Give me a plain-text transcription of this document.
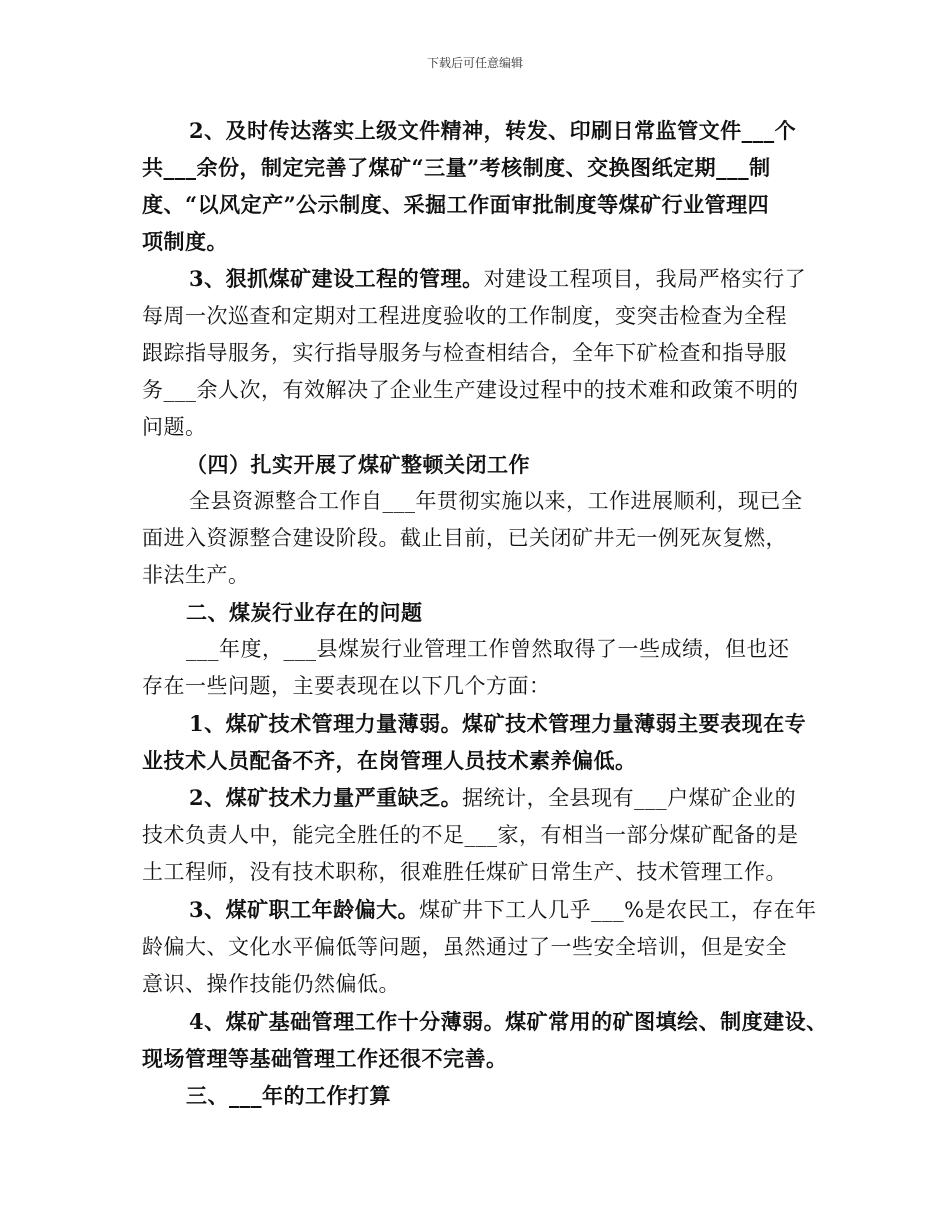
下载后可任意编辑
2、及时传达落实上级文件精神，转发、印刷日常监管文件___个
共___余份，制定完善了煤矿“三量”考核制度、交换图纸定期___制
度、“以风定产”公示制度、采掘工作面审批制度等煤矿行业管理四
项制度。
3、狠抓煤矿建设工程的管理。对建设工程项目，我局严格实行了
每周一次巡查和定期对工程进度验收的工作制度，变突击检查为全程
跟踪指导服务，实行指导服务与检查相结合，全年下矿检查和指导服
务___余人次，有效解决了企业生产建设过程中的技术难和政策不明的
问题。
（四）扎实开展了煤矿整顿关闭工作
全县资源整合工作自___年贯彻实施以来，工作进展顺利，现已全
面进入资源整合建设阶段。截止目前，已关闭矿井无一例死灰复燃，
非法生产。
二、煤炭行业存在的问题
___年度，___县煤炭行业管理工作曾然取得了一些成绩，但也还
存在一些问题，主要表现在以下几个方面：
1、煤矿技术管理力量薄弱。煤矿技术管理力量薄弱主要表现在专
业技术人员配备不齐，在岗管理人员技术素养偏低。
2、煤矿技术力量严重缺乏。据统计，全县现有___户煤矿企业的
技术负责人中，能完全胜任的不足___家，有相当一部分煤矿配备的是
土工程师，没有技术职称，很难胜任煤矿日常生产、技术管理工作。
3、煤矿职工年龄偏大。煤矿井下工人几乎___%是农民工，存在年
龄偏大、文化水平偏低等问题，虽然通过了一些安全培训，但是安全
意识、操作技能仍然偏低。
4、煤矿基础管理工作十分薄弱。煤矿常用的矿图填绘、制度建设、
现场管理等基础管理工作还很不完善。
三、___年的工作打算
